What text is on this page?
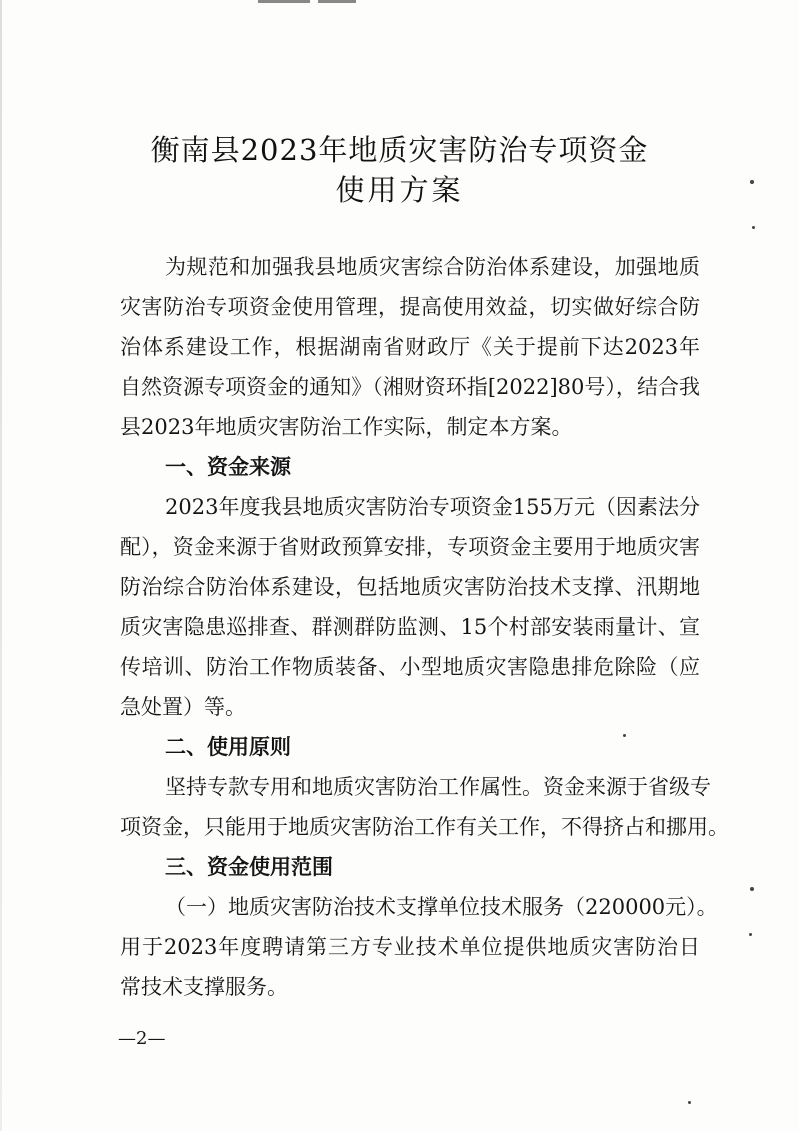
衡南县2023年地质灾害防治专项资金
使用方案
为规范和加强我县地质灾害综合防治体系建设，加强地质
灾害防治专项资金使用管理，提高使用效益，切实做好综合防
治体系建设工作，根据湖南省财政厅《关于提前下达2023年
自然资源专项资金的通知》（湘财资环指[2022]80号），结合我
县2023年地质灾害防治工作实际，制定本方案。
一、资金来源
2023年度我县地质灾害防治专项资金155万元（因素法分
配），资金来源于省财政预算安排，专项资金主要用于地质灾害
防治综合防治体系建设，包括地质灾害防治技术支撑、汛期地
质灾害隐患巡排查、群测群防监测、15个村部安装雨量计、宣
传培训、防治工作物质装备、小型地质灾害隐患排危除险（应
急处置）等。
二、使用原则
坚持专款专用和地质灾害防治工作属性。资金来源于省级专
项资金，只能用于地质灾害防治工作有关工作，不得挤占和挪用。
三、资金使用范围
（一）地质灾害防治技术支撑单位技术服务（220000元）。
用于2023年度聘请第三方专业技术单位提供地质灾害防治日
常技术支撑服务。
—2—
